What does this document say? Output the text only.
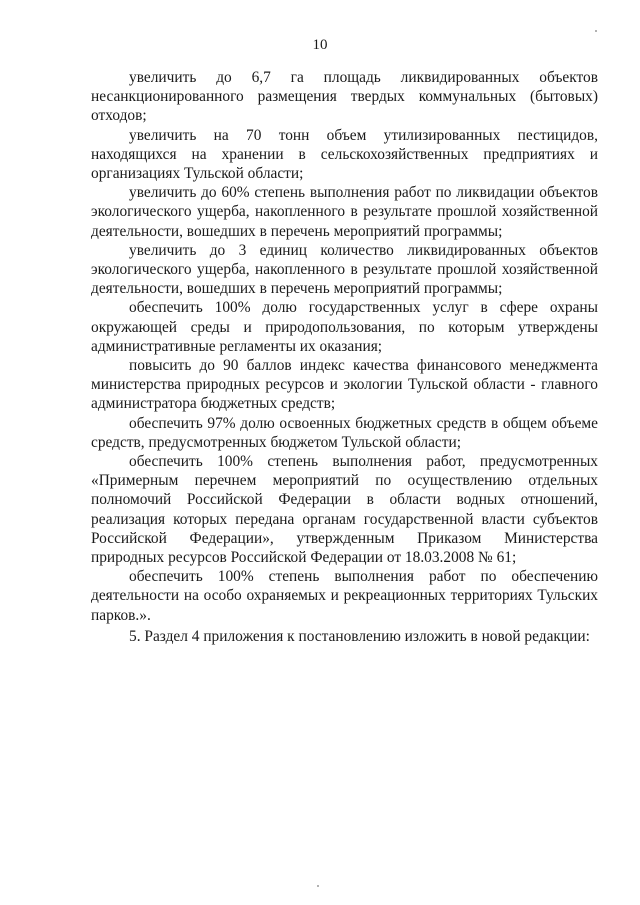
10

увеличить до 6,7 га площадь ликвидированных объектов несанкционированного размещения твердых коммунальных (бытовых) отходов;

увеличить на 70 тонн объем утилизированных пестицидов, находящихся на хранении в сельскохозяйственных предприятиях и организациях Тульской области;

увеличить до 60% степень выполнения работ по ликвидации объектов экологического ущерба, накопленного в результате прошлой хозяйственной деятельности, вошедших в перечень мероприятий программы;

увеличить до 3 единиц количество ликвидированных объектов экологического ущерба, накопленного в результате прошлой хозяйственной деятельности, вошедших в перечень мероприятий программы;

обеспечить 100% долю государственных услуг в сфере охраны окружающей среды и природопользования, по которым утверждены административные регламенты их оказания;

повысить до 90 баллов индекс качества финансового менеджмента министерства природных ресурсов и экологии Тульской области - главного администратора бюджетных средств;

обеспечить 97% долю освоенных бюджетных средств в общем объеме средств, предусмотренных бюджетом Тульской области;

обеспечить 100% степень выполнения работ, предусмотренных «Примерным перечнем мероприятий по осуществлению отдельных полномочий Российской Федерации в области водных отношений, реализация которых передана органам государственной власти субъектов Российской Федерации», утвержденным Приказом Министерства природных ресурсов Российской Федерации от 18.03.2008 № 61;

обеспечить 100% степень выполнения работ по обеспечению деятельности на особо охраняемых и рекреационных территориях Тульских парков.».

5. Раздел 4 приложения к постановлению изложить в новой редакции:
